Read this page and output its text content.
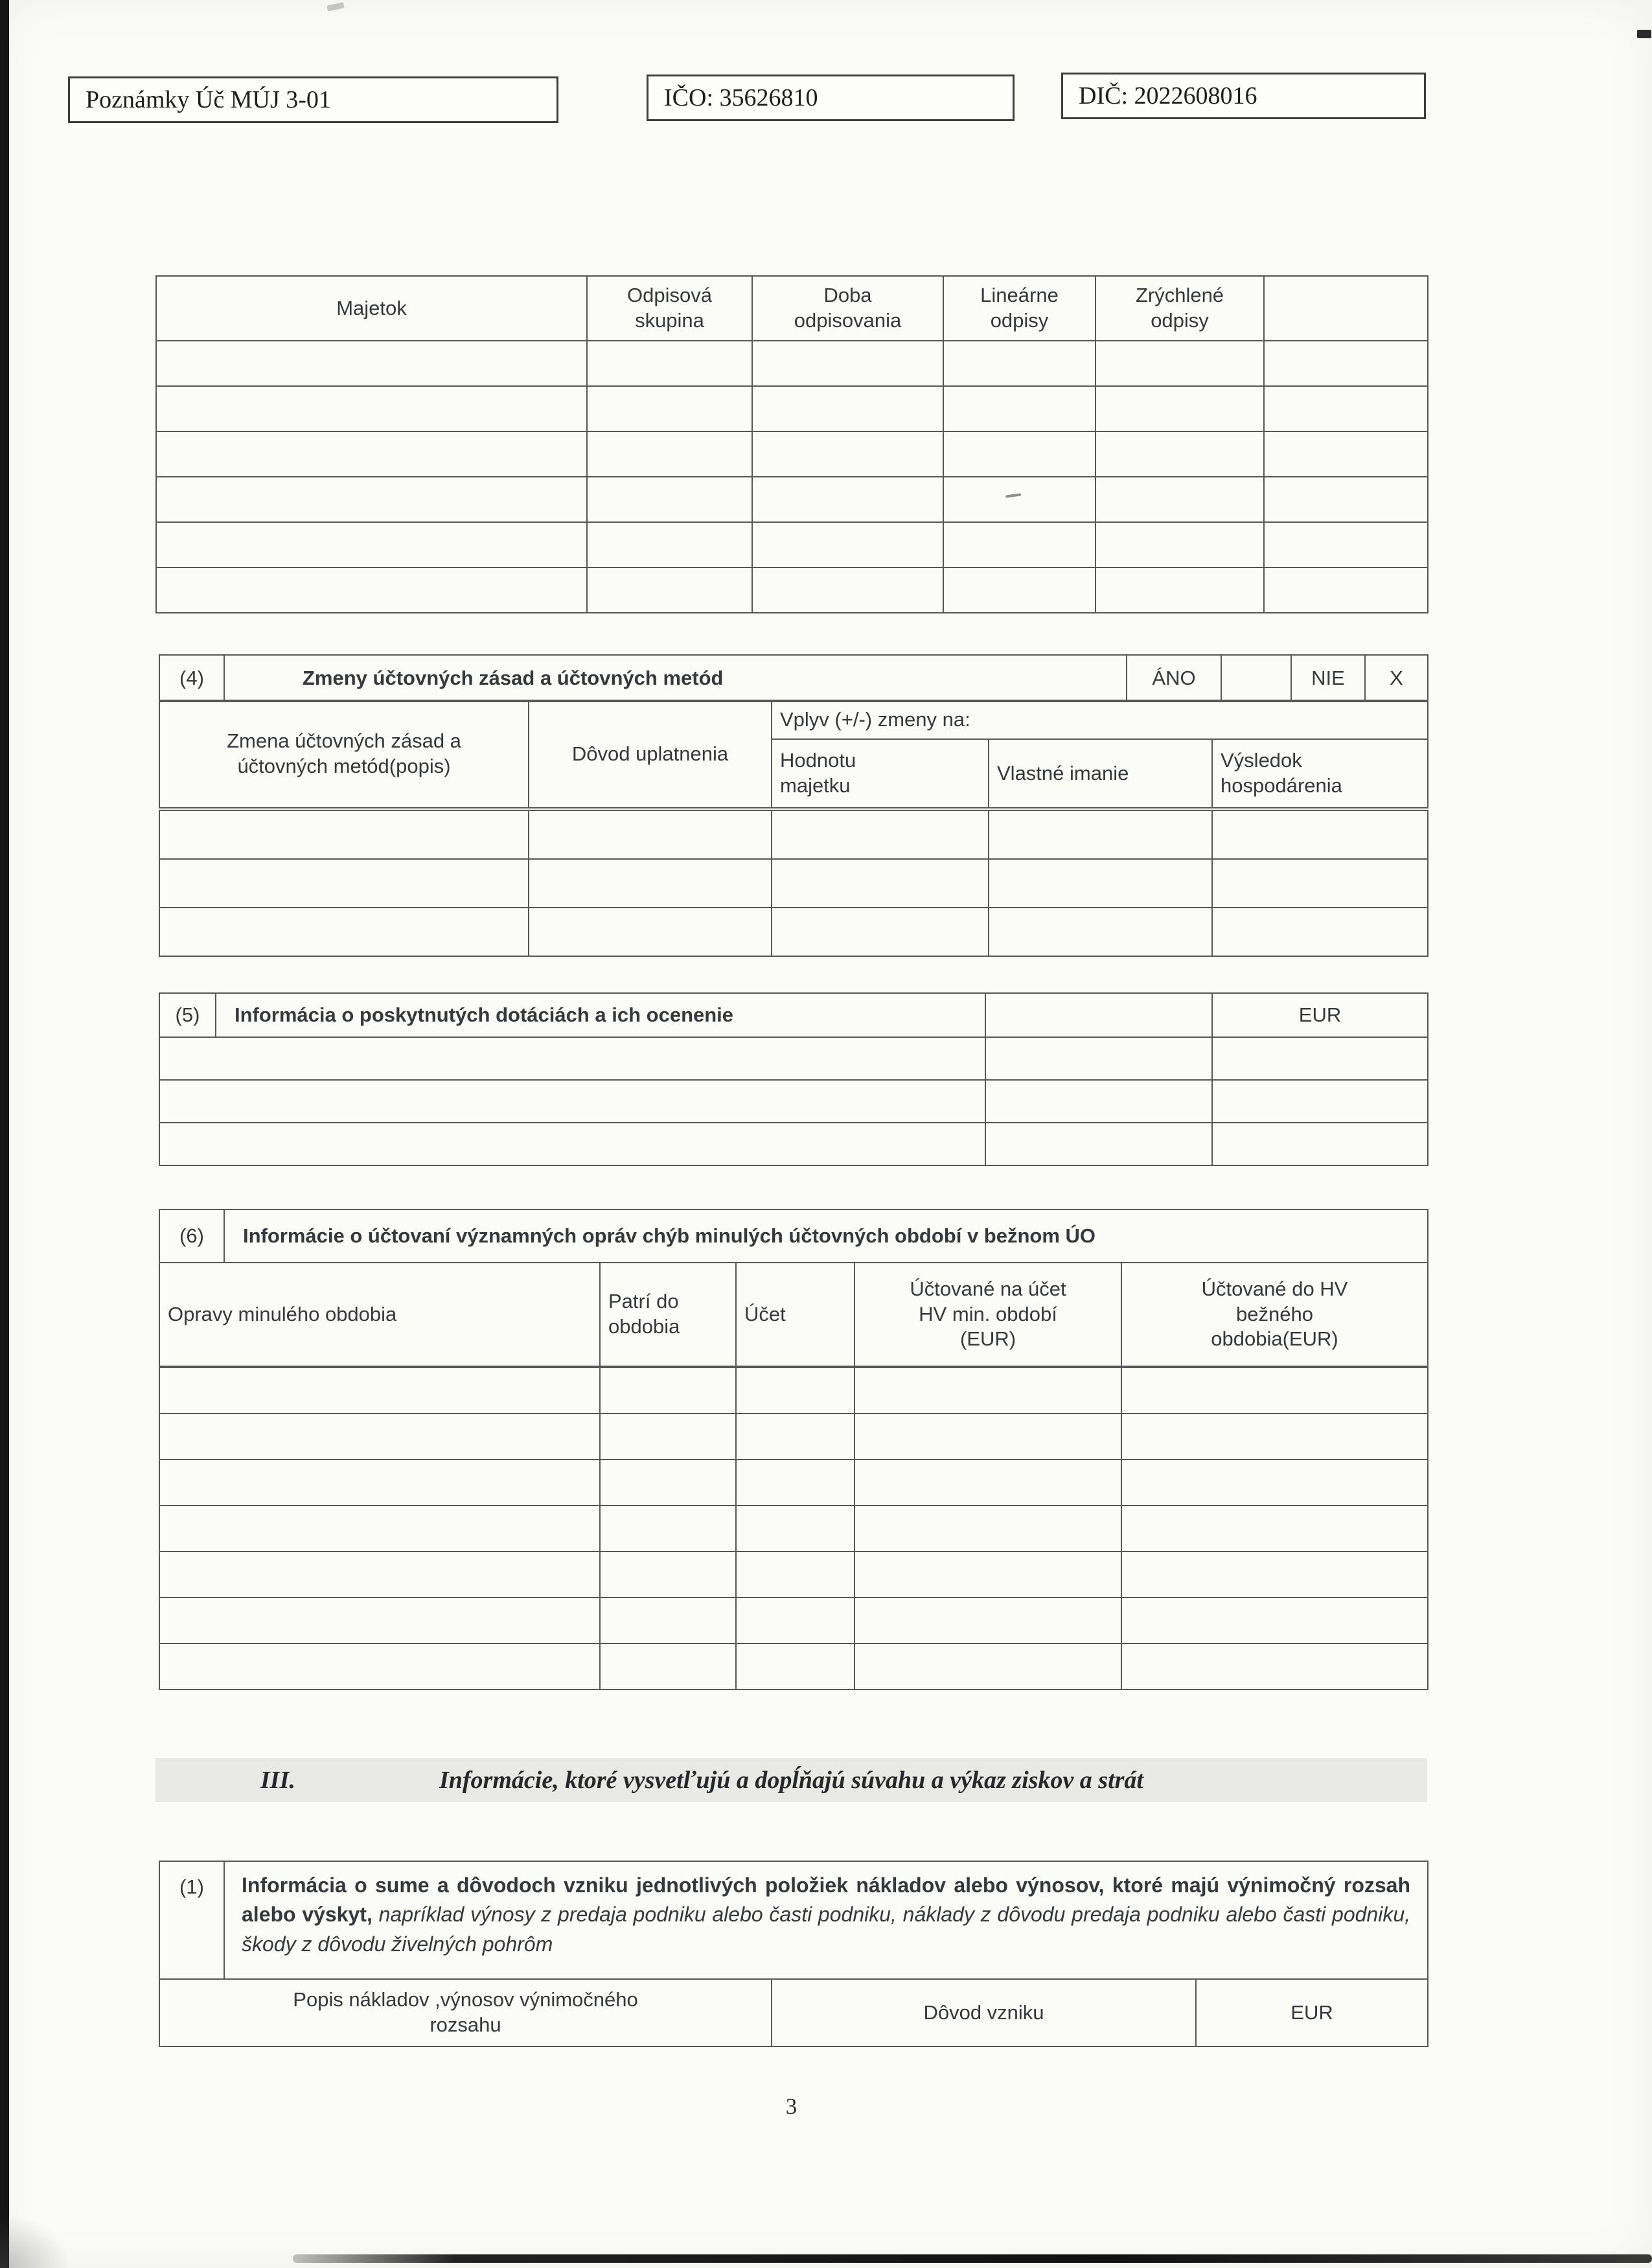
Poznámky Úč MÚJ 3-01	IČO: 35626810	DIČ: 2022608016
Majetok	Odpisová skupina	Doba odpisovania	Lineárne odpisy	Zrýchlené odpisy	

(4)	Zmeny účtovných zásad a účtovných metód	ÁNO		NIE	X
Zmena účtovných zásad a účtovných metód(popis)	Dôvod uplatnenia	Vplyv (+/-) zmeny na:		
		Hodnotu majetku	Vlastné imanie	Výsledok hospodárenia

(5)	Informácia o poskytnutých dotáciách a ich ocenenie		EUR

(6)	Informácie o účtovaní významných opráv chýb minulých účtovných období v bežnom ÚO
Opravy minulého obdobia	Patrí do obdobia	Účet	Účtované na účet HV min. období (EUR)	Účtované do HV bežného obdobia(EUR)

III.	Informácie, ktoré vysvetľujú a dopĺňajú súvahu a výkaz ziskov a strát
(1)	Informácia o sume a dôvodoch vzniku jednotlivých položiek nákladov alebo výnosov, ktoré majú výnimočný rozsah alebo výskyt, napríklad výnosy z predaja podniku alebo časti podniku, náklady z dôvodu predaja podniku alebo časti podniku, škody z dôvodu živelných pohrôm
Popis nákladov ,výnosov výnimočného rozsahu	Dôvod vzniku	EUR
3
